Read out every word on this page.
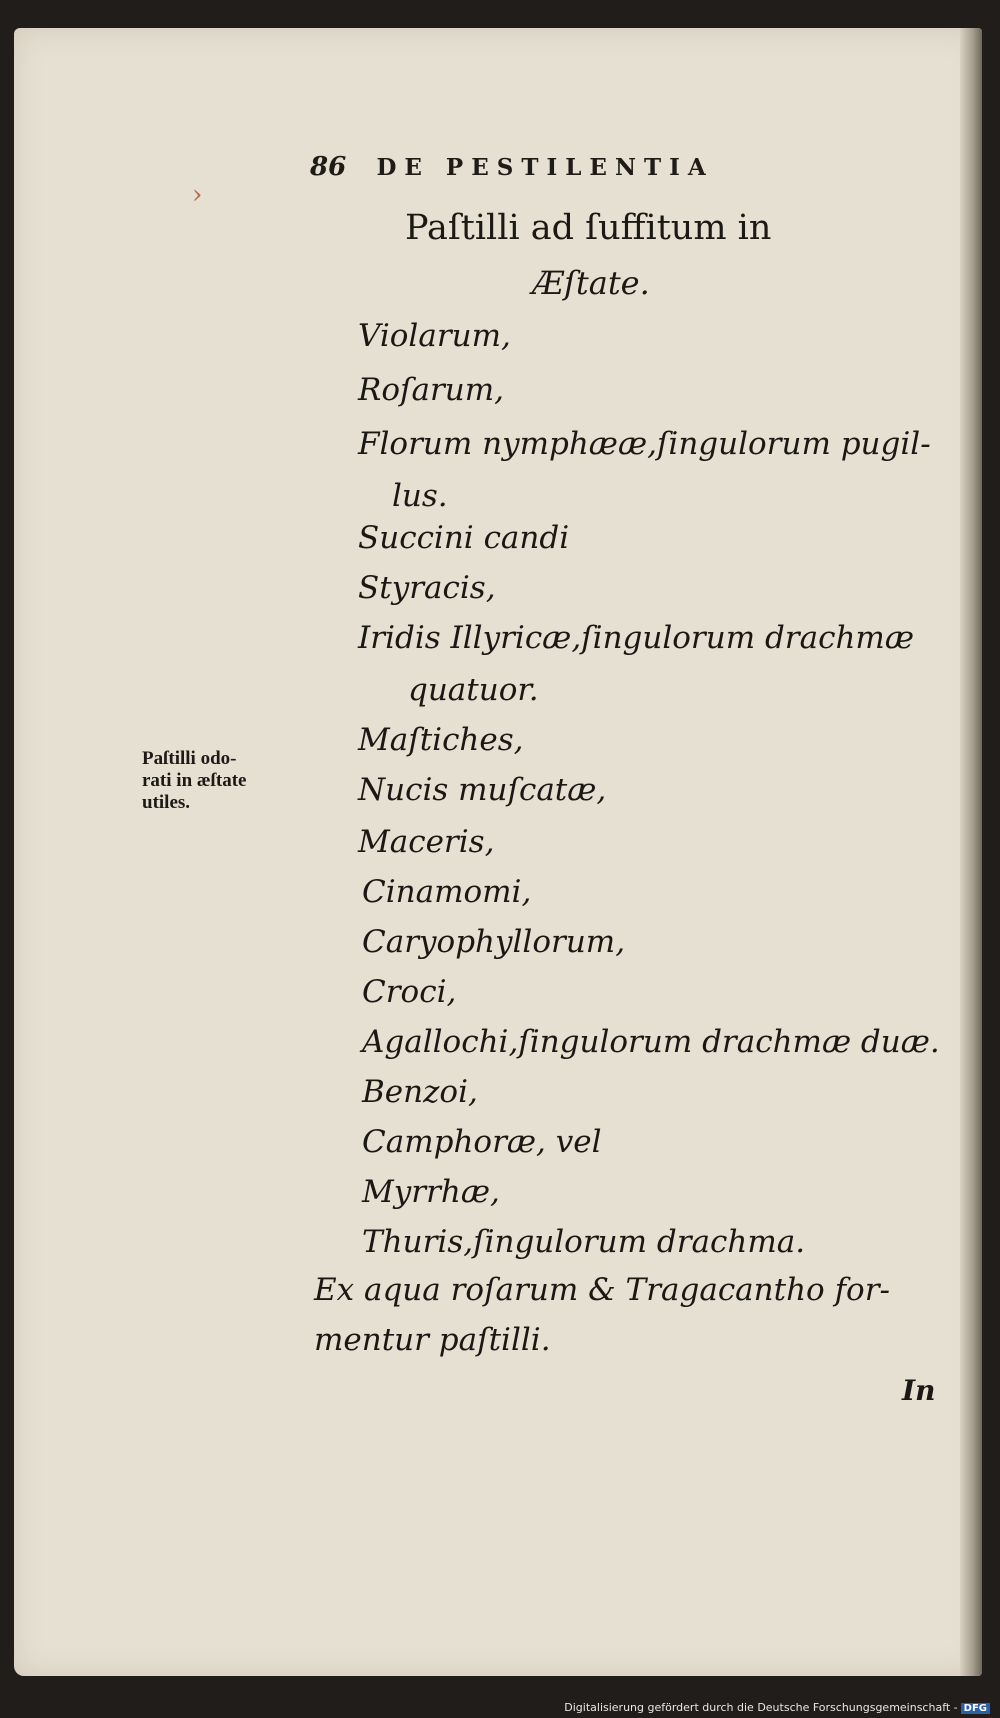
›
86 DE PESTILENTIA
Paſtilli ad ſuffitum in
Æſtate.
Violarum,
Roſarum,
Florum nymphææ,ſingulorum pugil-
lus.
Succini candi
Styracis,
Iridis Illyricæ,ſingulorum drachmæ
quatuor.
Maſtiches,
Nucis muſcatæ,
Maceris,
Cinamomi,
Caryophyllorum,
Croci,
Agallochi,ſingulorum drachmæ duæ.
Benzoi,
Camphoræ, vel
Myrrhæ,
Thuris,ſingulorum drachma.
Ex aqua roſarum & Tragacantho for-
mentur paſtilli.
Paſtilli odo-
rati in æſtate
utiles.
In
Digitalisierung gefördert durch die Deutsche Forschungsgemeinschaft - DFG
